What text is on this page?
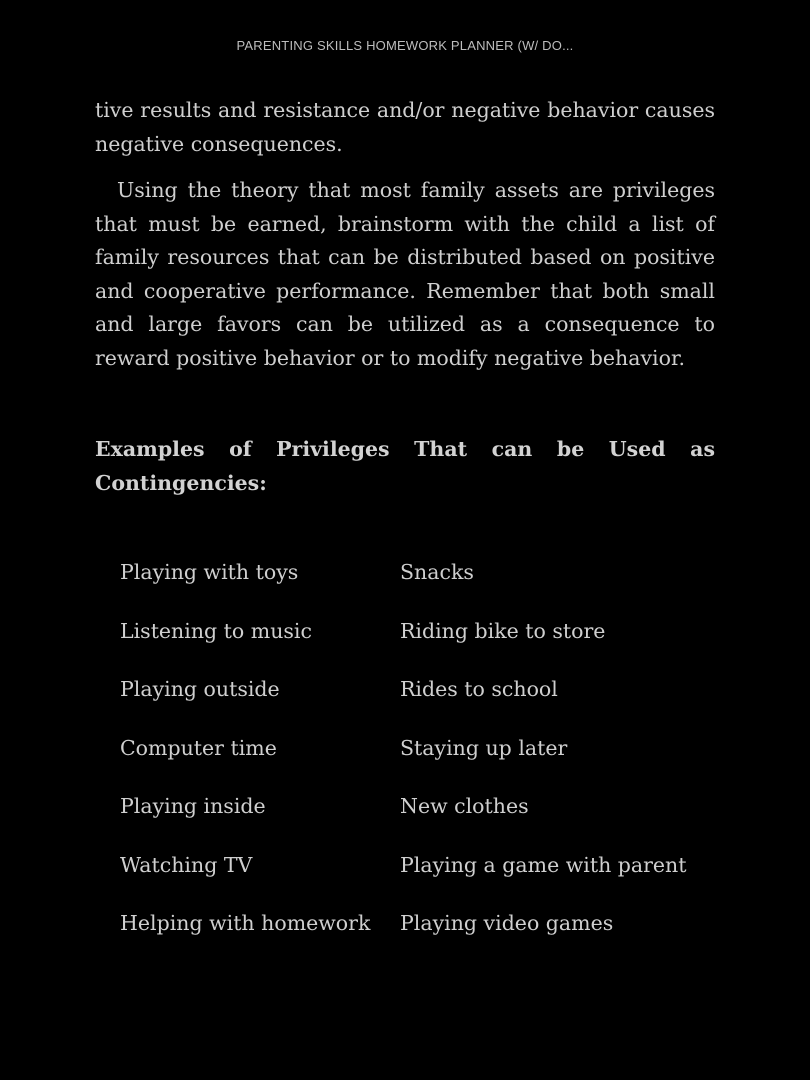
PARENTING SKILLS HOMEWORK PLANNER (W/ DO...

tive results and resistance and/or negative behavior causes negative consequences.

Using the theory that most family assets are privileges that must be earned, brainstorm with the child a list of family resources that can be distributed based on positive and cooperative performance. Remember that both small and large favors can be utilized as a consequence to reward positive behavior or to modify negative behavior.

Examples of Privileges That can be Used as Contingencies:

Playing with toys	Snacks
Listening to music	Riding bike to store
Playing outside	Rides to school
Computer time	Staying up later
Playing inside	New clothes
Watching TV	Playing a game with parent
Helping with homework	Playing video games
